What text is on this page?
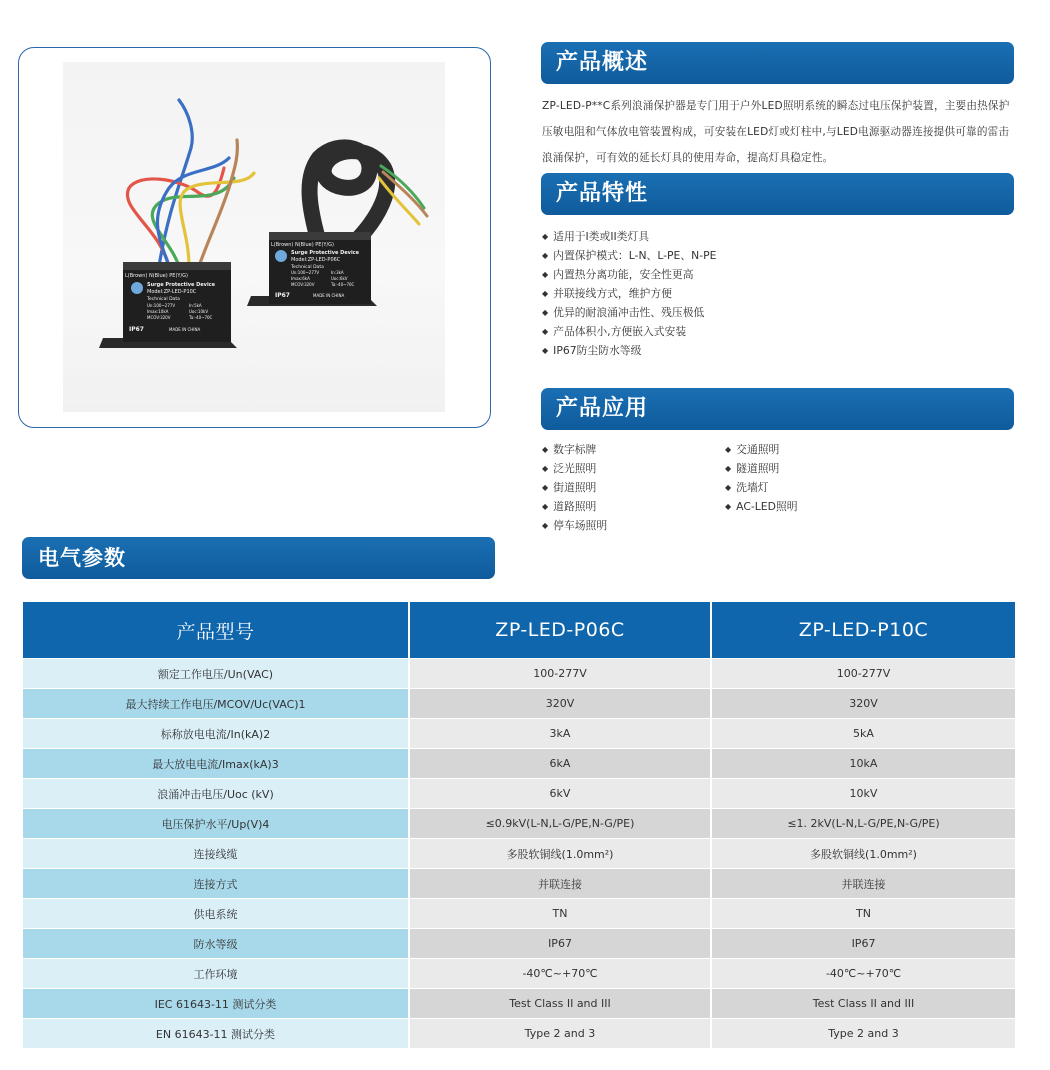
L(Brown) N(Blue) PE(Y/G)
Surge Protective Device
Model:ZP-LED-P10C
Technical Data
Un:100~277V	In:5kA
Imax:10kA	Uoc:10kV
MCOV:320V	Ta:-40~70C
IP67	MADE IN CHINA
L(Brown) N(Blue) PE(Y/G)
Surge Protective Device
Model:ZP-LED-P06C
Technical Data
Un:100~277V	In:3kA
Imax:6kA	Uoc:6kV
MCOV:320V	Ta:-40~70C
IP67	MADE IN CHINA
产品概述
ZP-LED-P**C系列浪涌保护器是专门用于户外LED照明系统的瞬态过电压保护装置，主要由热保护压敏电阻和气体放电管装置构成，可安装在LED灯或灯柱中,与LED电源驱动器连接提供可靠的雷击浪涌保护，可有效的延长灯具的使用寿命，提高灯具稳定性。
产品特性
◆ 适用于I类或II类灯具
◆ 内置保护模式：L-N、L-PE、N-PE
◆ 内置热分离功能，安全性更高
◆ 并联接线方式，维护方便
◆ 优异的耐浪涌冲击性、残压极低
◆ 产品体积小,方便嵌入式安装
◆ IP67防尘防水等级
产品应用
◆ 数字标牌
◆ 泛光照明
◆ 街道照明
◆ 道路照明
◆ 停车场照明
◆ 交通照明
◆ 隧道照明
◆ 洗墙灯
◆ AC-LED照明
电气参数
产品型号	ZP-LED-P06C	ZP-LED-P10C
额定工作电压/Un(VAC)	100-277V	100-277V
最大持续工作电压/MCOV/Uc(VAC)1	320V	320V
标称放电电流/In(kA)2	3kA	5kA
最大放电电流/Imax(kA)3	6kA	10kA
浪涌冲击电压/Uoc (kV)	6kV	10kV
电压保护水平/Up(V)4	≤0.9kV(L-N,L-G/PE,N-G/PE)	≤1. 2kV(L-N,L-G/PE,N-G/PE)
连接线缆	多股软铜线(1.0mm²)	多股软铜线(1.0mm²)
连接方式	并联连接	并联连接
供电系统	TN	TN
防水等级	IP67	IP67
工作环境	-40℃~+70℃	-40℃~+70℃
IEC 61643-11 测试分类	Test Class II and III	Test Class II and III
EN 61643-11 测试分类	Type 2 and 3	Type 2 and 3
